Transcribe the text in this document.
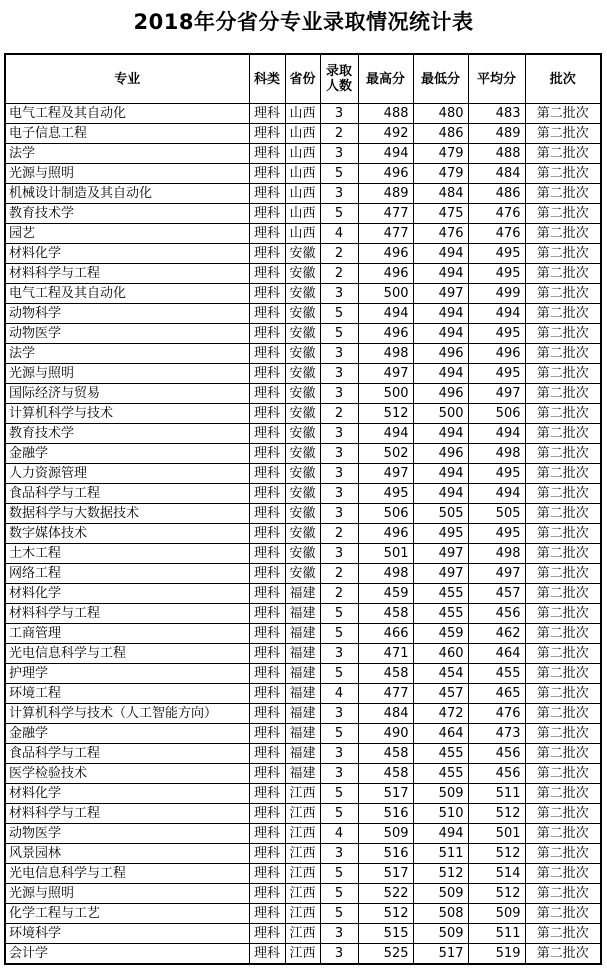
2018年分省分专业录取情况统计表
专业	科类	省份	录取人数	最高分	最低分	平均分	批次
电气工程及其自动化	理科	山西	3	488	480	483	第二批次
电子信息工程	理科	山西	2	492	486	489	第二批次
法学	理科	山西	3	494	479	488	第二批次
光源与照明	理科	山西	5	496	479	484	第二批次
机械设计制造及其自动化	理科	山西	3	489	484	486	第二批次
教育技术学	理科	山西	5	477	475	476	第二批次
园艺	理科	山西	4	477	476	476	第二批次
材料化学	理科	安徽	2	496	494	495	第二批次
材料科学与工程	理科	安徽	2	496	494	495	第二批次
电气工程及其自动化	理科	安徽	3	500	497	499	第二批次
动物科学	理科	安徽	5	494	494	494	第二批次
动物医学	理科	安徽	5	496	494	495	第二批次
法学	理科	安徽	3	498	496	496	第二批次
光源与照明	理科	安徽	3	497	494	495	第二批次
国际经济与贸易	理科	安徽	3	500	496	497	第二批次
计算机科学与技术	理科	安徽	2	512	500	506	第二批次
教育技术学	理科	安徽	3	494	494	494	第二批次
金融学	理科	安徽	3	502	496	498	第二批次
人力资源管理	理科	安徽	3	497	494	495	第二批次
食品科学与工程	理科	安徽	3	495	494	494	第二批次
数据科学与大数据技术	理科	安徽	3	506	505	505	第二批次
数字媒体技术	理科	安徽	2	496	495	495	第二批次
土木工程	理科	安徽	3	501	497	498	第二批次
网络工程	理科	安徽	2	498	497	497	第二批次
材料化学	理科	福建	2	459	455	457	第二批次
材料科学与工程	理科	福建	5	458	455	456	第二批次
工商管理	理科	福建	5	466	459	462	第二批次
光电信息科学与工程	理科	福建	3	471	460	464	第二批次
护理学	理科	福建	5	458	454	455	第二批次
环境工程	理科	福建	4	477	457	465	第二批次
计算机科学与技术（人工智能方向）	理科	福建	3	484	472	476	第二批次
金融学	理科	福建	5	490	464	473	第二批次
食品科学与工程	理科	福建	3	458	455	456	第二批次
医学检验技术	理科	福建	3	458	455	456	第二批次
材料化学	理科	江西	5	517	509	511	第二批次
材料科学与工程	理科	江西	5	516	510	512	第二批次
动物医学	理科	江西	4	509	494	501	第二批次
风景园林	理科	江西	3	516	511	512	第二批次
光电信息科学与工程	理科	江西	5	517	512	514	第二批次
光源与照明	理科	江西	5	522	509	512	第二批次
化学工程与工艺	理科	江西	5	512	508	509	第二批次
环境科学	理科	江西	3	515	509	511	第二批次
会计学	理科	江西	3	525	517	519	第二批次
